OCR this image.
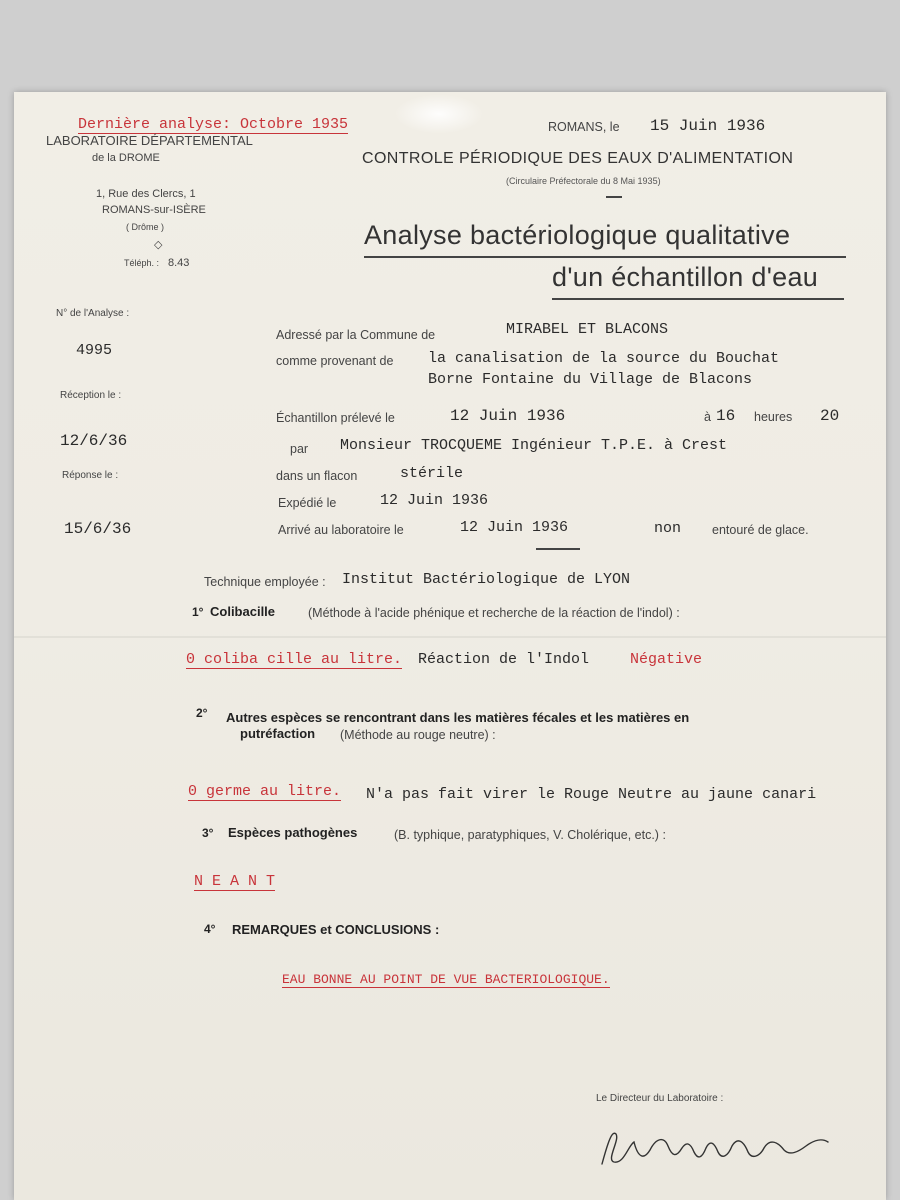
Dernière analyse: Octobre 1935
LABORATOIRE DÉPARTEMENTAL
de la DROME
1, Rue des Clercs, 1
ROMANS-sur-ISÈRE
( Drôme )
◇
Téléph. : 8.43
ROMANS, le 15 Juin 1936
CONTROLE PÉRIODIQUE DES EAUX D'ALIMENTATION
(Circulaire Préfectorale du 8 Mai 1935)
Analyse bactériologique qualitative
d'un échantillon d'eau
N° de l'Analyse :
4995
Réception le :
12/6/36
Réponse le :
15/6/36
Adressé par la Commune de	MIRABEL ET BLACONS
comme provenant de la canalisation de la source du Bouchat
Borne Fontaine du Village de Blacons
Échantillon prélevé le	12 Juin 1936	à 16 heures 20
par Monsieur TROCQUEME Ingénieur T.P.E. à Crest
dans un flacon	stérile
Expédié le	12 Juin 1936
Arrivé au laboratoire le	12 Juin 1936	non entouré de glace.
Technique employée : Institut Bactériologique de LYON
1° Colibacille	(Méthode à l'acide phénique et recherche de la réaction de l'indol) :
0 coliba cille au litre. Réaction de l'Indol	Négative
2° Autres espèces se rencontrant dans les matières fécales et les matières en
putréfaction (Méthode au rouge neutre) :
0 germe au litre. N'a pas fait virer le Rouge Neutre au jaune canari
3° Espèces pathogènes	(B. typhique, paratyphiques, V. Cholérique, etc.) :
N E A N T
4° REMARQUES et CONCLUSIONS :
EAU BONNE AU POINT DE VUE BACTERIOLOGIQUE.
Le Directeur du Laboratoire :
